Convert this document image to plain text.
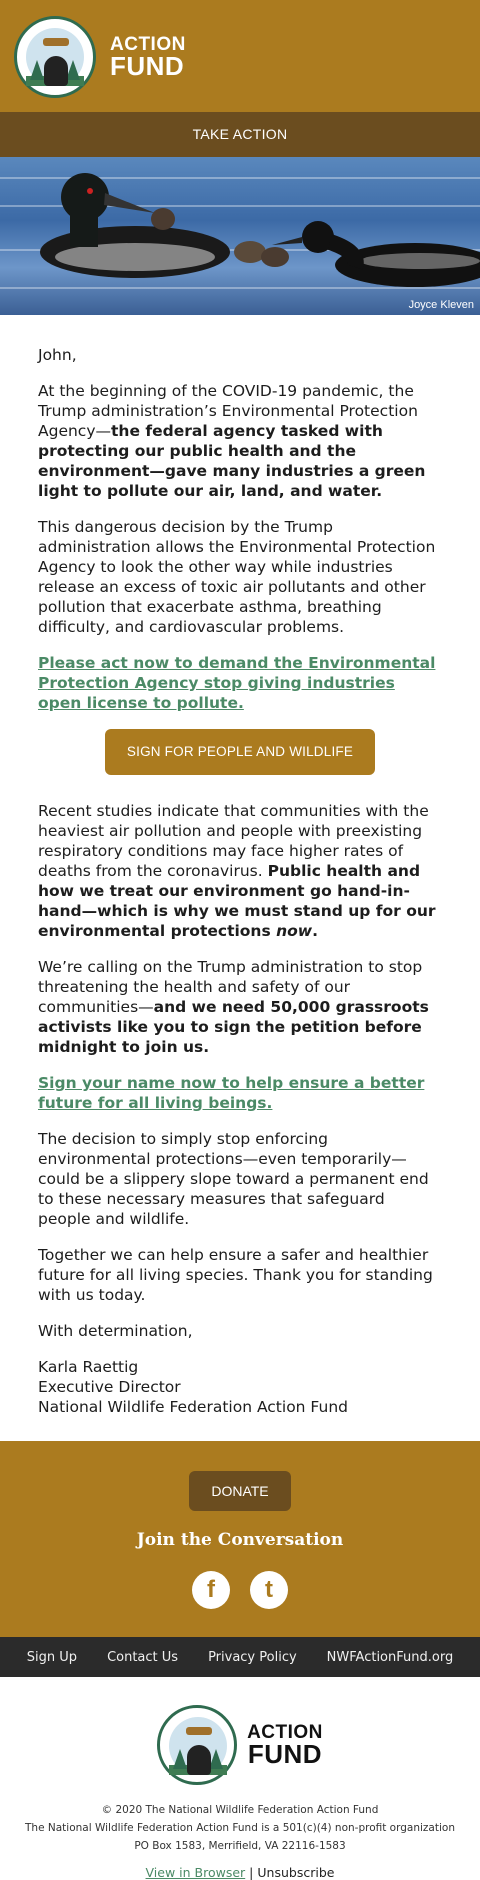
ACTION
FUND
TAKE ACTION
Joyce Kleven

John,

At the beginning of the COVID-19 pandemic, the Trump administration’s Environmental Protection Agency—the federal agency tasked with protecting our public health and the environment—gave many industries a green light to pollute our air, land, and water.

This dangerous decision by the Trump administration allows the Environmental Protection Agency to look the other way while industries release an excess of toxic air pollutants and other pollution that exacerbate asthma, breathing difficulty, and cardiovascular problems.

Please act now to demand the Environmental Protection Agency stop giving industries open license to pollute.

SIGN FOR PEOPLE AND WILDLIFE

Recent studies indicate that communities with the heaviest air pollution and people with preexisting respiratory conditions may face higher rates of deaths from the coronavirus. Public health and how we treat our environment go hand-in-hand—which is why we must stand up for our environmental protections now.

We’re calling on the Trump administration to stop threatening the health and safety of our communities—and we need 50,000 grassroots activists like you to sign the petition before midnight to join us.

Sign your name now to help ensure a better future for all living beings.

The decision to simply stop enforcing environmental protections—even temporarily—could be a slippery slope toward a permanent end to these necessary measures that safeguard people and wildlife.

Together we can help ensure a safer and healthier future for all living species. Thank you for standing with us today.

With determination,

Karla Raettig

Executive Director

National Wildlife Federation Action Fund

DONATE
Join the Conversation
f	t
Sign Up Contact Us Privacy Policy NWFActionFund.org
ACTION
FUND
© 2020 The National Wildlife Federation Action Fund
The National Wildlife Federation Action Fund is a 501(c)(4) non-profit organization
PO Box 1583, Merrifield, VA 22116-1583
View in Browser | Unsubscribe
